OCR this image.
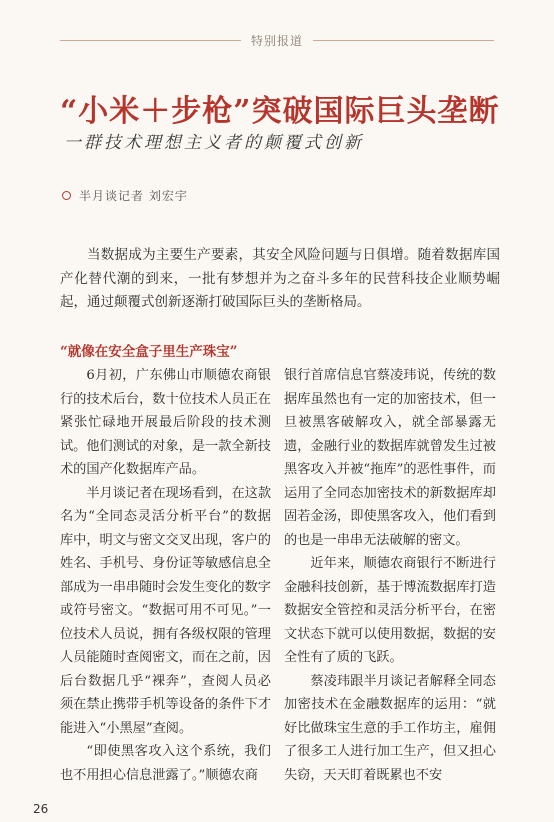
特别报道
“小米＋步枪”突破国际巨头垄断
一群技术理想主义者的颠覆式创新
半月谈记者 刘宏宇

当数据成为主要生产要素，其安全风险问题与日俱增。随着数据库国产化替代潮的到来，一批有梦想并为之奋斗多年的民营科技企业顺势崛起，通过颠覆式创新逐渐打破国际巨头的垄断格局。

“就像在安全盒子里生产珠宝”

6月初，广东佛山市顺德农商银行的技术后台，数十位技术人员正在紧张忙碌地开展最后阶段的技术测试。他们测试的对象，是一款全新技术的国产化数据库产品。

半月谈记者在现场看到，在这款名为“全同态灵活分析平台”的数据库中，明文与密文交叉出现，客户的姓名、手机号、身份证等敏感信息全部成为一串串随时会发生变化的数字或符号密文。“数据可用不可见。”一位技术人员说，拥有各级权限的管理人员能随时查阅密文，而在之前，因后台数据几乎“裸奔”，查阅人员必须在禁止携带手机等设备的条件下才能进入“小黑屋”查阅。

“即使黑客攻入这个系统，我们也不用担心信息泄露了。”顺德农商

银行首席信息官蔡凌玮说，传统的数据库虽然也有一定的加密技术，但一旦被黑客破解攻入，就全部暴露无遗，金融行业的数据库就曾发生过被黑客攻入并被“拖库”的恶性事件，而运用了全同态加密技术的新数据库却固若金汤，即使黑客攻入，他们看到的也是一串串无法破解的密文。

近年来，顺德农商银行不断进行金融科技创新，基于博流数据库打造数据安全管控和灵活分析平台，在密文状态下就可以使用数据，数据的安全性有了质的飞跃。

蔡凌玮跟半月谈记者解释全同态加密技术在金融数据库的运用：“就好比做珠宝生意的手工作坊主，雇佣了很多工人进行加工生产，但又担心失窃，天天盯着既累也不安

26
